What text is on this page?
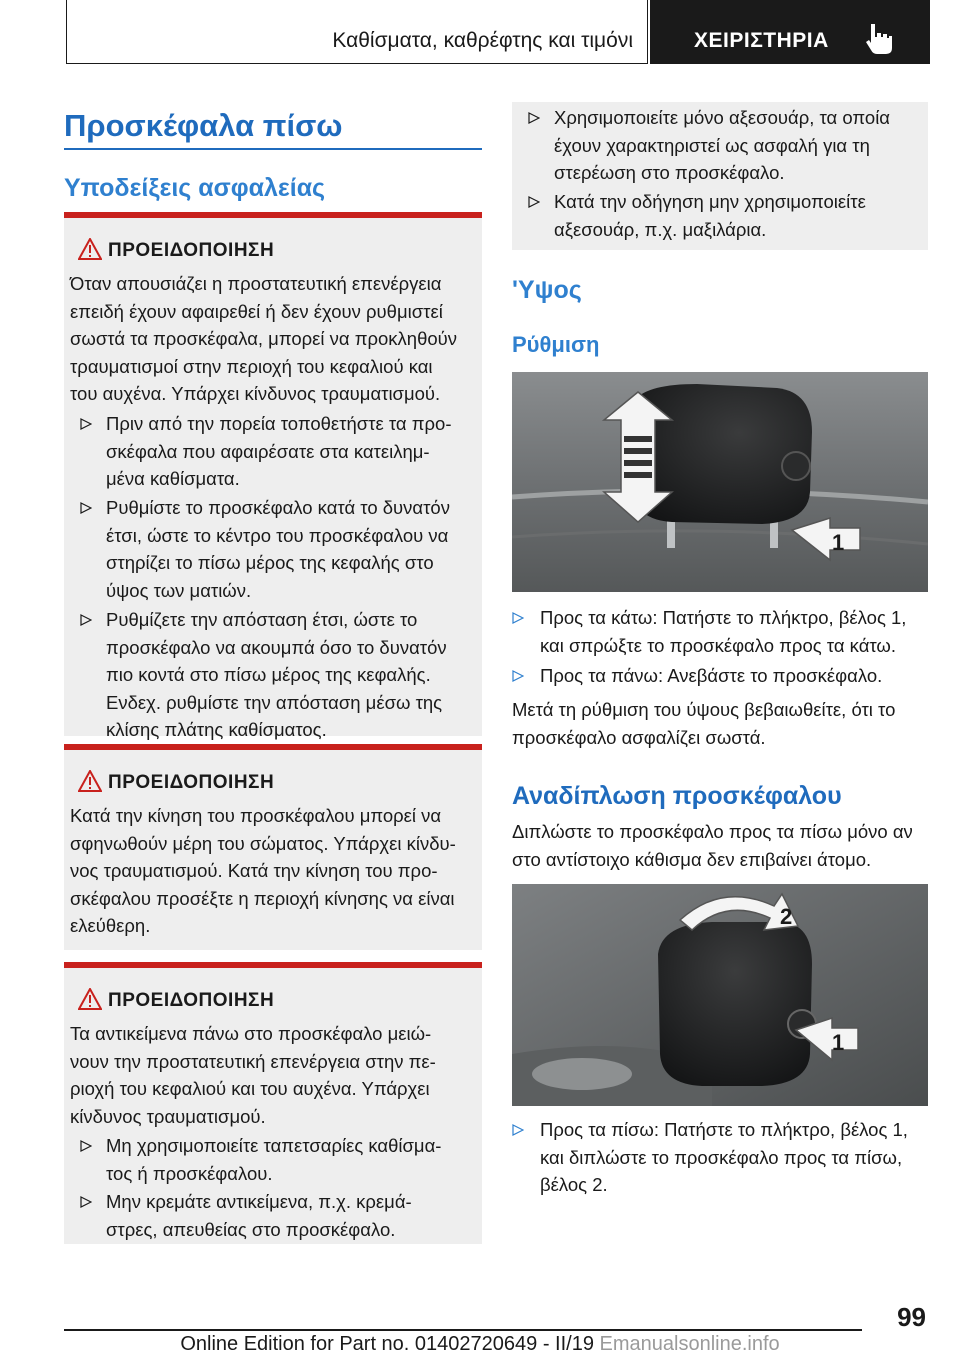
Καθίσματα, καθρέφτης και τιμόνι	ΧΕΙΡΙΣΤΗΡΙΑ
Προσκέφαλα πίσω
Υποδείξεις ασφαλείας
ΠΡΟΕΙΔΟΠΟΙΗΣΗ
Όταν απουσιάζει η προστατευτική επενέργεια
επειδή έχουν αφαιρεθεί ή δεν έχουν ρυθμιστεί
σωστά τα προσκέφαλα, μπορεί να προκληθούν
τραυματισμοί στην περιοχή του κεφαλιού και
του αυχένα. Υπάρχει κίνδυνος τραυματισμού.
Πριν από την πορεία τοποθετήστε τα προ-
σκέφαλα που αφαιρέσατε στα κατειλημ-
μένα καθίσματα.
Ρυθμίστε το προσκέφαλο κατά το δυνατόν
έτσι, ώστε το κέντρο του προσκέφαλου να
στηρίζει το πίσω μέρος της κεφαλής στο
ύψος των ματιών.
Ρυθμίζετε την απόσταση έτσι, ώστε το
προσκέφαλο να ακουμπά όσο το δυνατόν
πιο κοντά στο πίσω μέρος της κεφαλής.
Ενδεχ. ρυθμίστε την απόσταση μέσω της
κλίσης πλάτης καθίσματος.
ΠΡΟΕΙΔΟΠΟΙΗΣΗ
Κατά την κίνηση του προσκέφαλου μπορεί να
σφηνωθούν μέρη του σώματος. Υπάρχει κίνδυ-
νος τραυματισμού. Κατά την κίνηση του προ-
σκέφαλου προσέξτε η περιοχή κίνησης να είναι
ελεύθερη.
ΠΡΟΕΙΔΟΠΟΙΗΣΗ
Τα αντικείμενα πάνω στο προσκέφαλο μειώ-
νουν την προστατευτική επενέργεια στην πε-
ριοχή του κεφαλιού και του αυχένα. Υπάρχει
κίνδυνος τραυματισμού.
Μη χρησιμοποιείτε ταπετσαρίες καθίσμα-
τος ή προσκέφαλου.
Μην κρεμάτε αντικείμενα, π.χ. κρεμά-
στρες, απευθείας στο προσκέφαλο.
Χρησιμοποιείτε μόνο αξεσουάρ, τα οποία
έχουν χαρακτηριστεί ως ασφαλή για τη
στερέωση στο προσκέφαλο.
Κατά την οδήγηση μην χρησιμοποιείτε
αξεσουάρ, π.χ. μαξιλάρια.
'Υψος
Ρύθμιση
1
Προς τα κάτω: Πατήστε το πλήκτρο, βέλος 1,
και σπρώξτε το προσκέφαλο προς τα κάτω.
Προς τα πάνω: Ανεβάστε το προσκέφαλο.
Μετά τη ρύθμιση του ύψους βεβαιωθείτε, ότι το
προσκέφαλο ασφαλίζει σωστά.
Αναδίπλωση προσκέφαλου
Διπλώστε το προσκέφαλο προς τα πίσω μόνο αν
στο αντίστοιχο κάθισμα δεν επιβαίνει άτομο.
2
1
Προς τα πίσω: Πατήστε το πλήκτρο, βέλος 1,
και διπλώστε το προσκέφαλο προς τα πίσω,
βέλος 2.
99
Online Edition for Part no. 01402720649 - II/19 Emanualsonline.info
